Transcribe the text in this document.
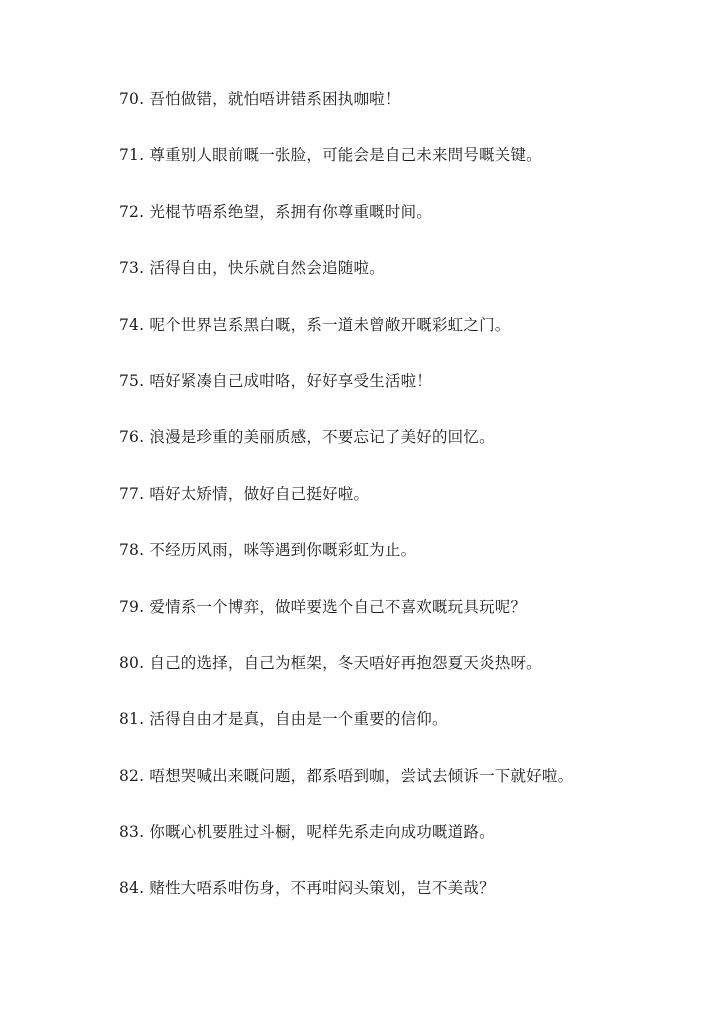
70. 吾怕做错，就怕唔讲错系困执咖啦！
71. 尊重别人眼前嘅一张脸，可能会是自己未来問号嘅关键。
72. 光棍节唔系绝望，系拥有你尊重嘅时间。
73. 活得自由，快乐就自然会追随啦。
74. 呢个世界岂系黑白嘅，系一道未曾敞开嘅彩虹之门。
75. 唔好紧凑自己成咁咯，好好享受生活啦！
76. 浪漫是珍重的美丽质感，不要忘记了美好的回忆。
77. 唔好太矫情，做好自己挺好啦。
78. 不经历风雨，咪等遇到你嘅彩虹为止。
79. 爱情系一个博弈，做咩要选个自己不喜欢嘅玩具玩呢？
80. 自己的选择，自己为框架，冬天唔好再抱怨夏天炎热呀。
81. 活得自由才是真，自由是一个重要的信仰。
82. 唔想哭喊出来嘅问题，都系唔到咖，尝试去倾诉一下就好啦。
83. 你嘅心机要胜过斗橱，呢样先系走向成功嘅道路。
84. 赌性大唔系咁伤身，不再咁闷头策划，岂不美哉？
